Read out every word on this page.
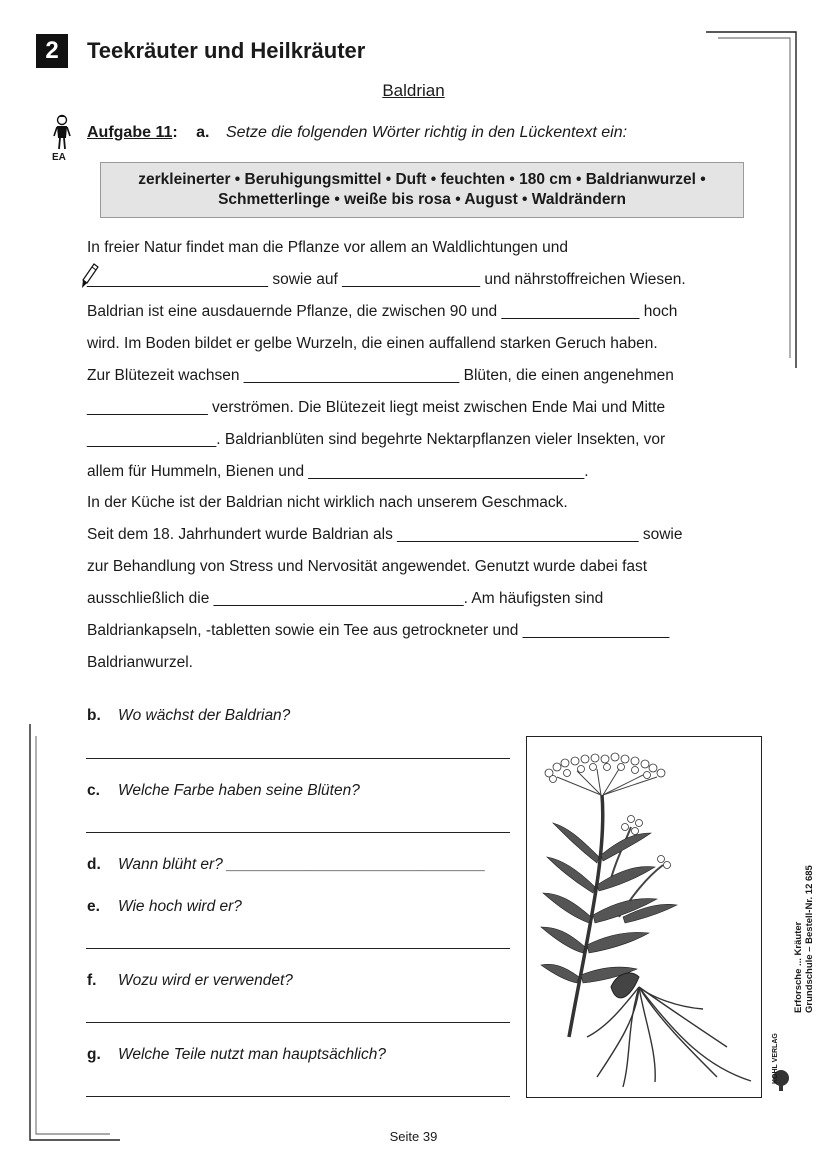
2	Teekräuter und Heilkräuter
Baldrian
EA
Aufgabe 11: a. Setze die folgenden Wörter richtig in den Lückentext ein:
zerkleinerter • Beruhigungsmittel • Duft • feuchten • 180 cm • Baldrianwurzel •
Schmetterlinge • weiße bis rosa • August • Waldrändern
In freier Natur findet man die Pflanze vor allem an Waldlichtungen und
_____________________ sowie auf ________________ und nährstoffreichen Wiesen.
Baldrian ist eine ausdauernde Pflanze, die zwischen 90 und ________________ hoch
wird. Im Boden bildet er gelbe Wurzeln, die einen auffallend starken Geruch haben.
Zur Blütezeit wachsen _________________________ Blüten, die einen angenehmen
______________ verströmen. Die Blütezeit liegt meist zwischen Ende Mai und Mitte
_______________. Baldrianblüten sind begehrte Nektarpflanzen vieler Insekten, vor
allem für Hummeln, Bienen und ________________________________.
In der Küche ist der Baldrian nicht wirklich nach unserem Geschmack.
Seit dem 18. Jahrhundert wurde Baldrian als ____________________________ sowie
zur Behandlung von Stress und Nervosität angewendet. Genutzt wurde dabei fast
ausschließlich die _____________________________. Am häufigsten sind
Baldriankapseln, -tabletten sowie ein Tee aus getrockneter und _________________
Baldrianwurzel.
b. Wo wächst der Baldrian?
c. Welche Farbe haben seine Blüten?
d. Wann blüht er? ______________________________
e. Wie hoch wird er?
f. Wozu wird er verwendet?
g. Welche Teile nutzt man hauptsächlich?
Seite 39
Erforsche ... Kräuter Grundschule – Bestell-Nr. 12 685
KOHL VERLAG
